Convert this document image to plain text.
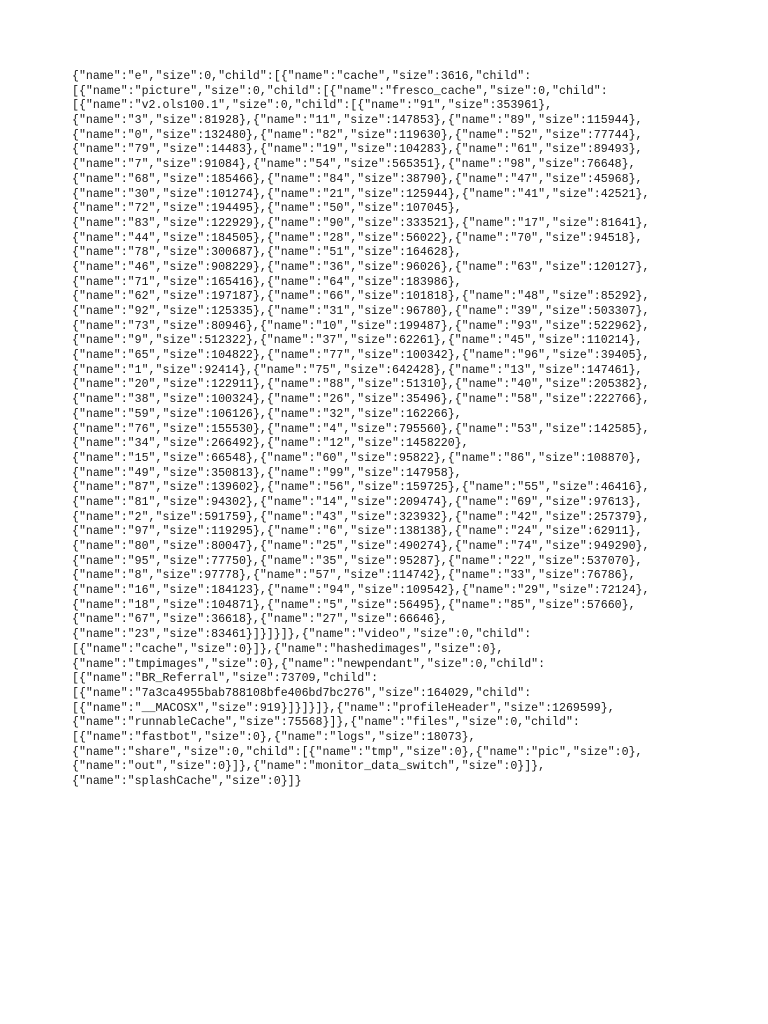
{"name":"e","size":0,"child":[{"name":"cache","size":3616,"child":
[{"name":"picture","size":0,"child":[{"name":"fresco_cache","size":0,"child":
[{"name":"v2.ols100.1","size":0,"child":[{"name":"91","size":353961},
{"name":"3","size":81928},{"name":"11","size":147853},{"name":"89","size":115944},
{"name":"0","size":132480},{"name":"82","size":119630},{"name":"52","size":77744},
{"name":"79","size":14483},{"name":"19","size":104283},{"name":"61","size":89493},
{"name":"7","size":91084},{"name":"54","size":565351},{"name":"98","size":76648},
{"name":"68","size":185466},{"name":"84","size":38790},{"name":"47","size":45968},
{"name":"30","size":101274},{"name":"21","size":125944},{"name":"41","size":42521},
{"name":"72","size":194495},{"name":"50","size":107045},
{"name":"83","size":122929},{"name":"90","size":333521},{"name":"17","size":81641},
{"name":"44","size":184505},{"name":"28","size":56022},{"name":"70","size":94518},
{"name":"78","size":300687},{"name":"51","size":164628},
{"name":"46","size":908229},{"name":"36","size":96026},{"name":"63","size":120127},
{"name":"71","size":165416},{"name":"64","size":183986},
{"name":"62","size":197187},{"name":"66","size":101818},{"name":"48","size":85292},
{"name":"92","size":125335},{"name":"31","size":96780},{"name":"39","size":503307},
{"name":"73","size":80946},{"name":"10","size":199487},{"name":"93","size":522962},
{"name":"9","size":512322},{"name":"37","size":62261},{"name":"45","size":110214},
{"name":"65","size":104822},{"name":"77","size":100342},{"name":"96","size":39405},
{"name":"1","size":92414},{"name":"75","size":642428},{"name":"13","size":147461},
{"name":"20","size":122911},{"name":"88","size":51310},{"name":"40","size":205382},
{"name":"38","size":100324},{"name":"26","size":35496},{"name":"58","size":222766},
{"name":"59","size":106126},{"name":"32","size":162266},
{"name":"76","size":155530},{"name":"4","size":795560},{"name":"53","size":142585},
{"name":"34","size":266492},{"name":"12","size":1458220},
{"name":"15","size":66548},{"name":"60","size":95822},{"name":"86","size":108870},
{"name":"49","size":350813},{"name":"99","size":147958},
{"name":"87","size":139602},{"name":"56","size":159725},{"name":"55","size":46416},
{"name":"81","size":94302},{"name":"14","size":209474},{"name":"69","size":97613},
{"name":"2","size":591759},{"name":"43","size":323932},{"name":"42","size":257379},
{"name":"97","size":119295},{"name":"6","size":138138},{"name":"24","size":62911},
{"name":"80","size":80047},{"name":"25","size":490274},{"name":"74","size":949290},
{"name":"95","size":77750},{"name":"35","size":95287},{"name":"22","size":537070},
{"name":"8","size":97778},{"name":"57","size":114742},{"name":"33","size":76786},
{"name":"16","size":184123},{"name":"94","size":109542},{"name":"29","size":72124},
{"name":"18","size":104871},{"name":"5","size":56495},{"name":"85","size":57660},
{"name":"67","size":36618},{"name":"27","size":66646},
{"name":"23","size":83461}]}]}]},{"name":"video","size":0,"child":
[{"name":"cache","size":0}]},{"name":"hashedimages","size":0},
{"name":"tmpimages","size":0},{"name":"newpendant","size":0,"child":
[{"name":"BR_Referral","size":73709,"child":
[{"name":"7a3ca4955bab788108bfe406bd7bc276","size":164029,"child":
[{"name":"__MACOSX","size":919}]}]}]},{"name":"profileHeader","size":1269599},
{"name":"runnableCache","size":75568}]},{"name":"files","size":0,"child":
[{"name":"fastbot","size":0},{"name":"logs","size":18073},
{"name":"share","size":0,"child":[{"name":"tmp","size":0},{"name":"pic","size":0},
{"name":"out","size":0}]},{"name":"monitor_data_switch","size":0}]},
{"name":"splashCache","size":0}]}
